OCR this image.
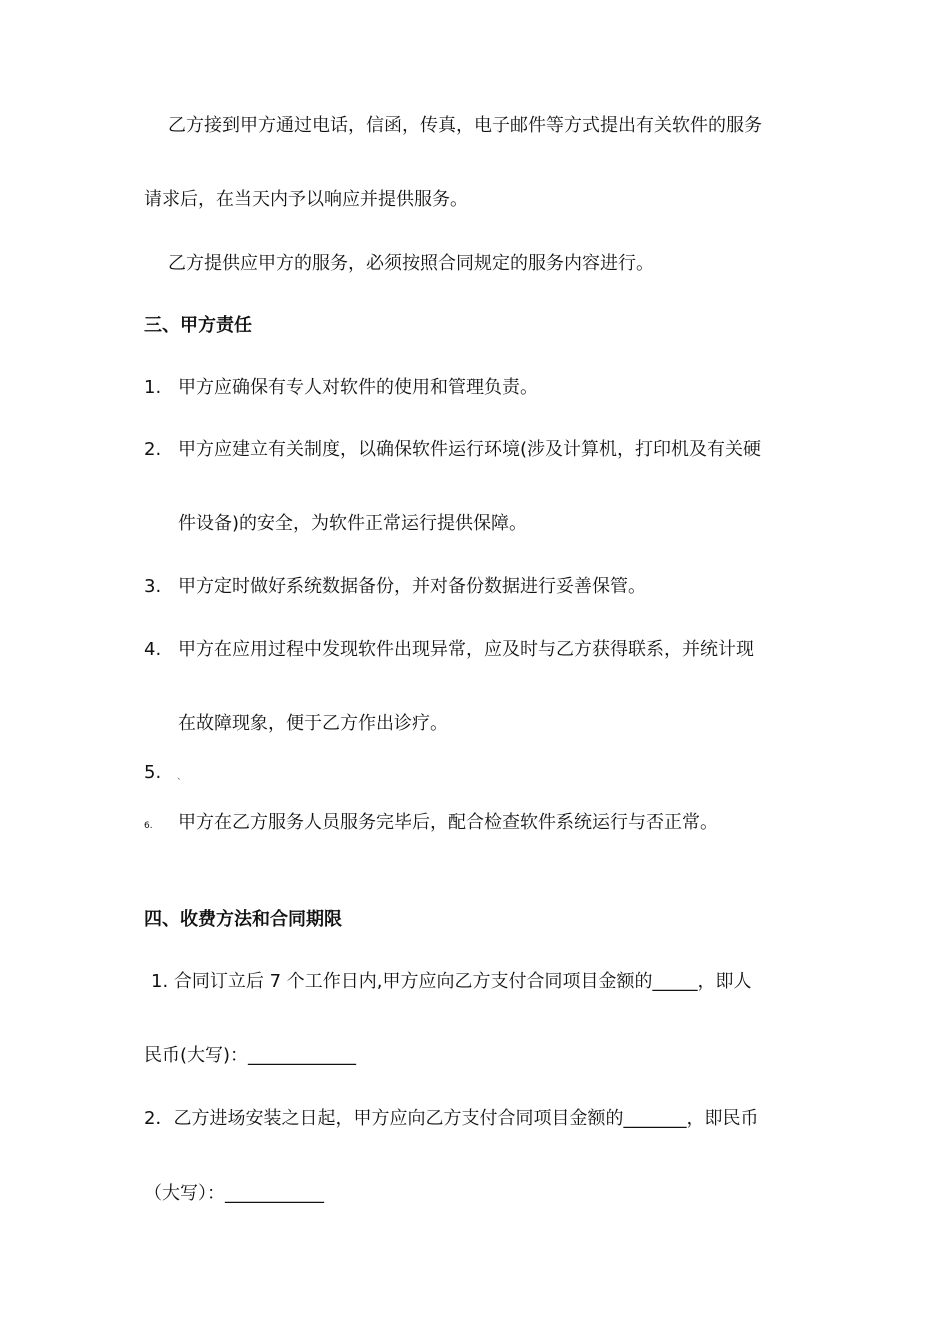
乙方接到甲方通过电话，信函，传真，电子邮件等方式提出有关软件的服务
请求后，在当天内予以响应并提供服务。
乙方提供应甲方的服务，必须按照合同规定的服务内容进行。
三、甲方责任
1. 甲方应确保有专人对软件的使用和管理负责。
2. 甲方应建立有关制度，以确保软件运行环境(涉及计算机，打印机及有关硬
件设备)的安全，为软件正常运行提供保障。
3. 甲方定时做好系统数据备份，并对备份数据进行妥善保管。
4. 甲方在应用过程中发现软件出现异常，应及时与乙方获得联系，并统计现
在故障现象，便于乙方作出诊疗。
5. 、
6. 甲方在乙方服务人员服务完毕后，配合检查软件系统运行与否正常。
四、收费方法和合同期限
1. 合同订立后 7 个工作日内,甲方应向乙方支付合同项目金额的_____，即人
民币(大写)：____________
2．乙方进场安装之日起，甲方应向乙方支付合同项目金额的_______，即民币
（大写）：___________
